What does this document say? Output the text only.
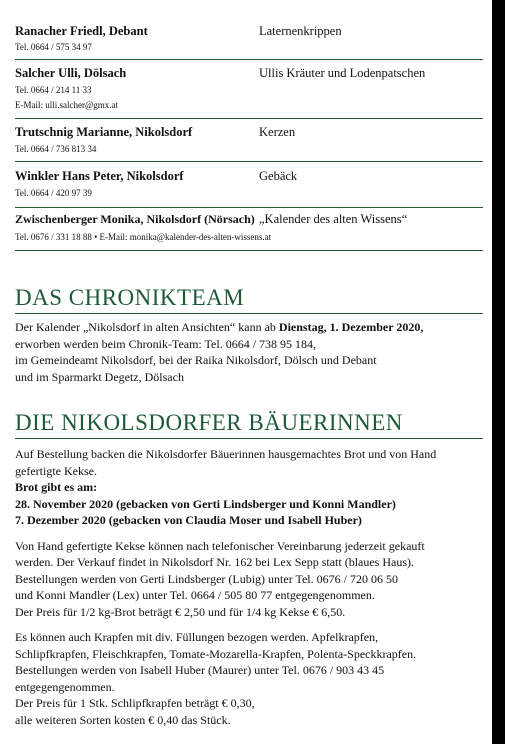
Ranacher Friedl, Debant	Laternenkrippen
Tel. 0664 / 575 34 97
Salcher Ulli, Dölsach	Ullis Kräuter und Lodenpatschen
Tel. 0664 / 214 11 33
E-Mail: ulli.salcher@gmx.at
Trutschnig Marianne, Nikolsdorf	Kerzen
Tel. 0664 / 736 813 34
Winkler Hans Peter, Nikolsdorf	Gebäck
Tel. 0664 / 420 97 39
Zwischenberger Monika, Nikolsdorf (Nörsach) „Kalender des alten Wissens“
Tel. 0676 / 331 18 88 • E-Mail: monika@kalender-des-alten-wissens.at
DAS CHRONIKTEAM

Der Kalender „Nikolsdorf in alten Ansichten“ kann ab Dienstag, 1. Dezember 2020,

erworben werden beim Chronik-Team: Tel. 0664 / 738 95 184,

im Gemeindeamt Nikolsdorf, bei der Raika Nikolsdorf, Dölsch und Debant

und im Sparmarkt Degetz, Dölsach

DIE NIKOLSDORFER BÄUERINNEN

Auf Bestellung backen die Nikolsdorfer Bäuerinnen hausgemachtes Brot und von Hand

gefertigte Kekse.

Brot gibt es am:

28. November 2020 (gebacken von Gerti Lindsberger und Konni Mandler)

7. Dezember 2020 (gebacken von Claudia Moser und Isabell Huber)

Von Hand gefertigte Kekse können nach telefonischer Vereinbarung jederzeit gekauft

werden. Der Verkauf findet in Nikolsdorf Nr. 162 bei Lex Sepp statt (blaues Haus).

Bestellungen werden von Gerti Lindsberger (Lubig) unter Tel. 0676 / 720 06 50

und Konni Mandler (Lex) unter Tel. 0664 / 505 80 77 entgegengenommen.

Der Preis für 1/2 kg-Brot beträgt € 2,50 und für 1/4 kg Kekse € 6,50.

Es können auch Krapfen mit div. Füllungen bezogen werden. Apfelkrapfen,

Schlipfkrapfen, Fleischkrapfen, Tomate-Mozarella-Krapfen, Polenta-Speckkrapfen.

Bestellungen werden von Isabell Huber (Maurer) unter Tel. 0676 / 903 43 45

entgegengenommen.

Der Preis für 1 Stk. Schlipfkrapfen beträgt € 0,30,

alle weiteren Sorten kosten € 0,40 das Stück.
